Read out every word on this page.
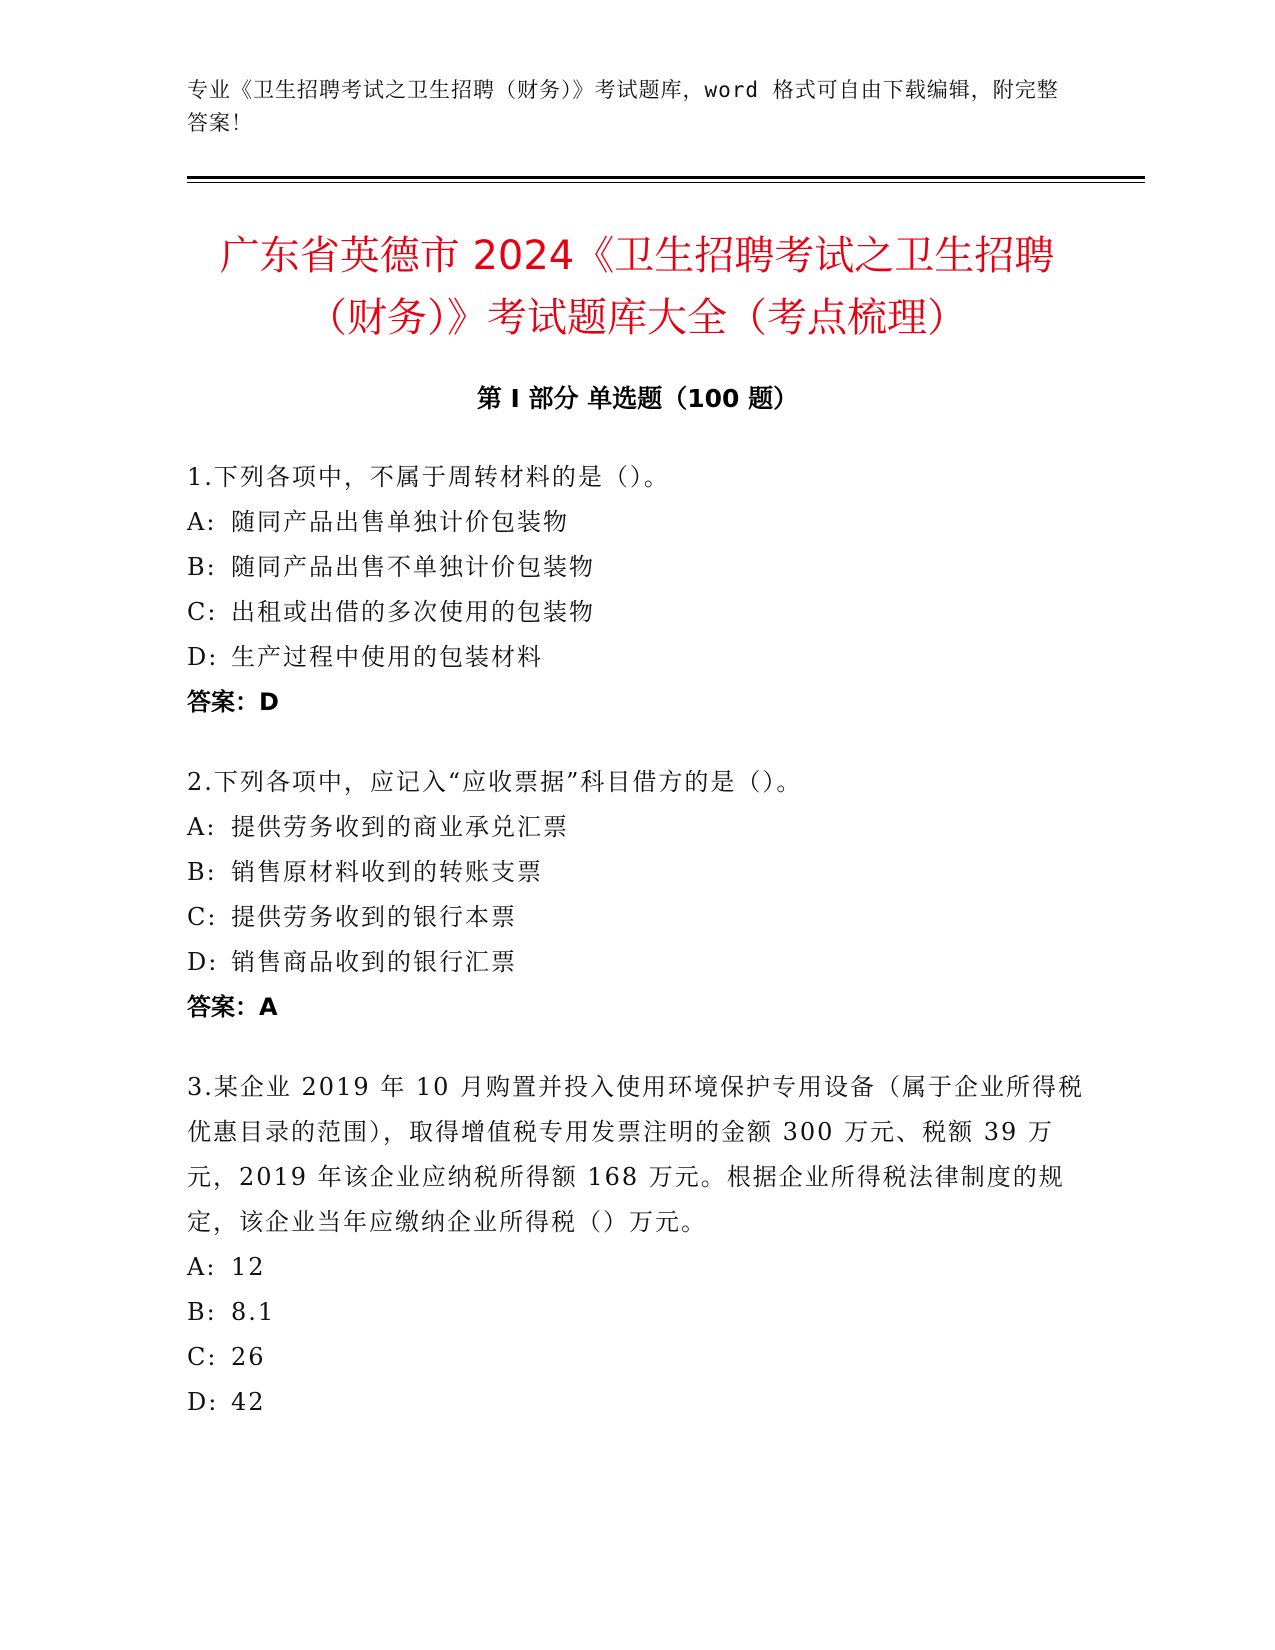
专业《卫生招聘考试之卫生招聘（财务）》考试题库，word 格式可自由下载编辑，附完整答案！
广东省英德市 2024《卫生招聘考试之卫生招聘（财务）》考试题库大全（考点梳理）
第 I 部分 单选题（100 题）
1.下列各项中，不属于周转材料的是（）。
A: 随同产品出售单独计价包装物
B: 随同产品出售不单独计价包装物
C: 出租或出借的多次使用的包装物
D: 生产过程中使用的包装材料
答案：D
2.下列各项中，应记入“应收票据”科目借方的是（）。
A: 提供劳务收到的商业承兑汇票
B: 销售原材料收到的转账支票
C: 提供劳务收到的银行本票
D: 销售商品收到的银行汇票
答案：A
3.某企业 2019 年 10 月购置并投入使用环境保护专用设备（属于企业所得税优惠目录的范围），取得增值税专用发票注明的金额 300 万元、税额 39 万元，2019 年该企业应纳税所得额 168 万元。根据企业所得税法律制度的规定，该企业当年应缴纳企业所得税（）万元。
A: 12
B: 8.1
C: 26
D: 42
